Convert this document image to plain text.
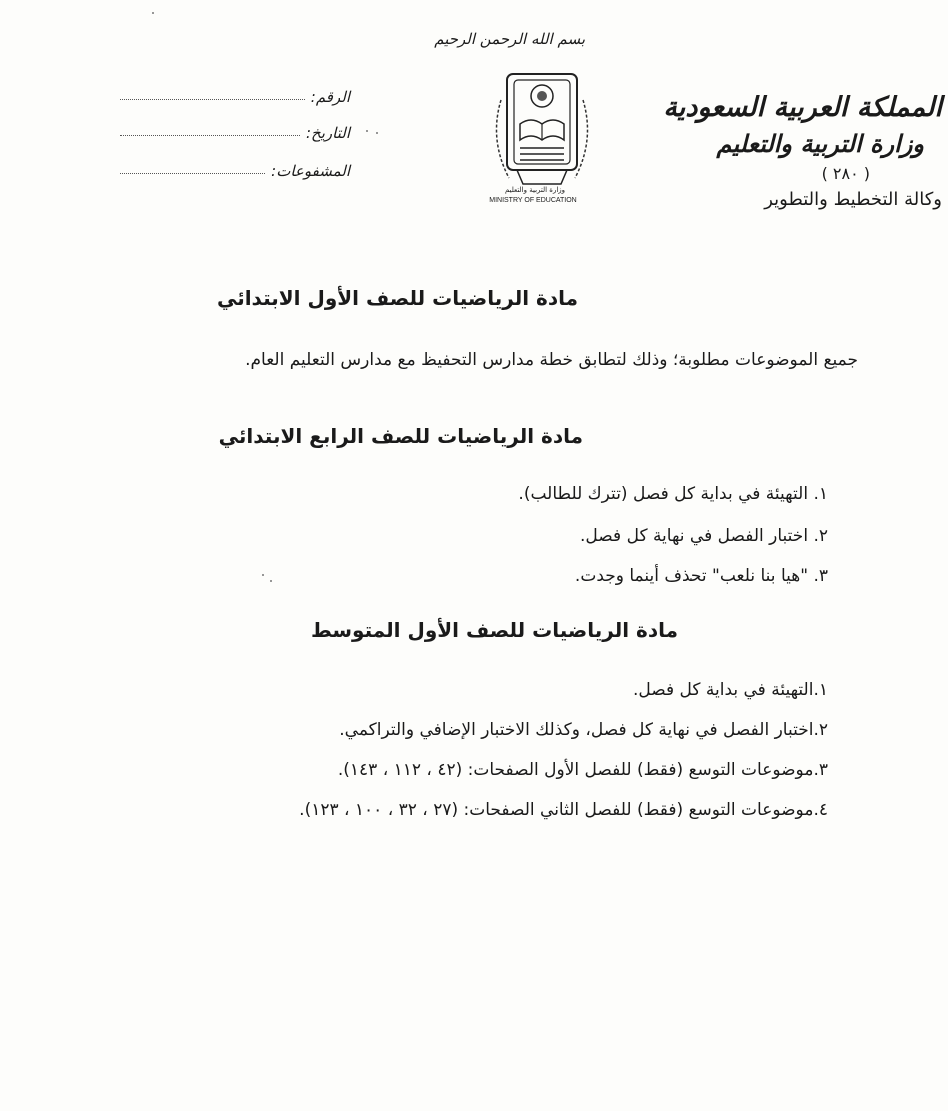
المملكة العربية السعودية
وزارة التربية والتعليم
( ٢٨٠ )
وكالة التخطيط والتطوير
بسم الله الرحمن الرحيم
وزارة التربية والتعليم
MINISTRY OF EDUCATION
الرقم:
التاريخ:
المشفوعات:
مادة الرياضيات للصف الأول الابتدائي
جميع الموضوعات مطلوبة؛ وذلك لتطابق خطة مدارس التحفيظ مع مدارس التعليم العام.
مادة الرياضيات للصف الرابع الابتدائي
١. التهيئة في بداية كل فصل (تترك للطالب).
٢. اختبار الفصل في نهاية كل فصل.
٣. "هيا بنا نلعب" تحذف أينما وجدت.
مادة الرياضيات للصف الأول المتوسط
١.التهيئة في بداية كل فصل.
٢.اختبار الفصل في نهاية كل فصل، وكذلك الاختبار الإضافي والتراكمي.
٣.موضوعات التوسع (فقط) للفصل الأول الصفحات: (٤٢ ، ١١٢ ، ١٤٣).
٤.موضوعات التوسع (فقط) للفصل الثاني الصفحات: (٢٧ ، ٣٢ ، ١٠٠ ، ١٢٣).
